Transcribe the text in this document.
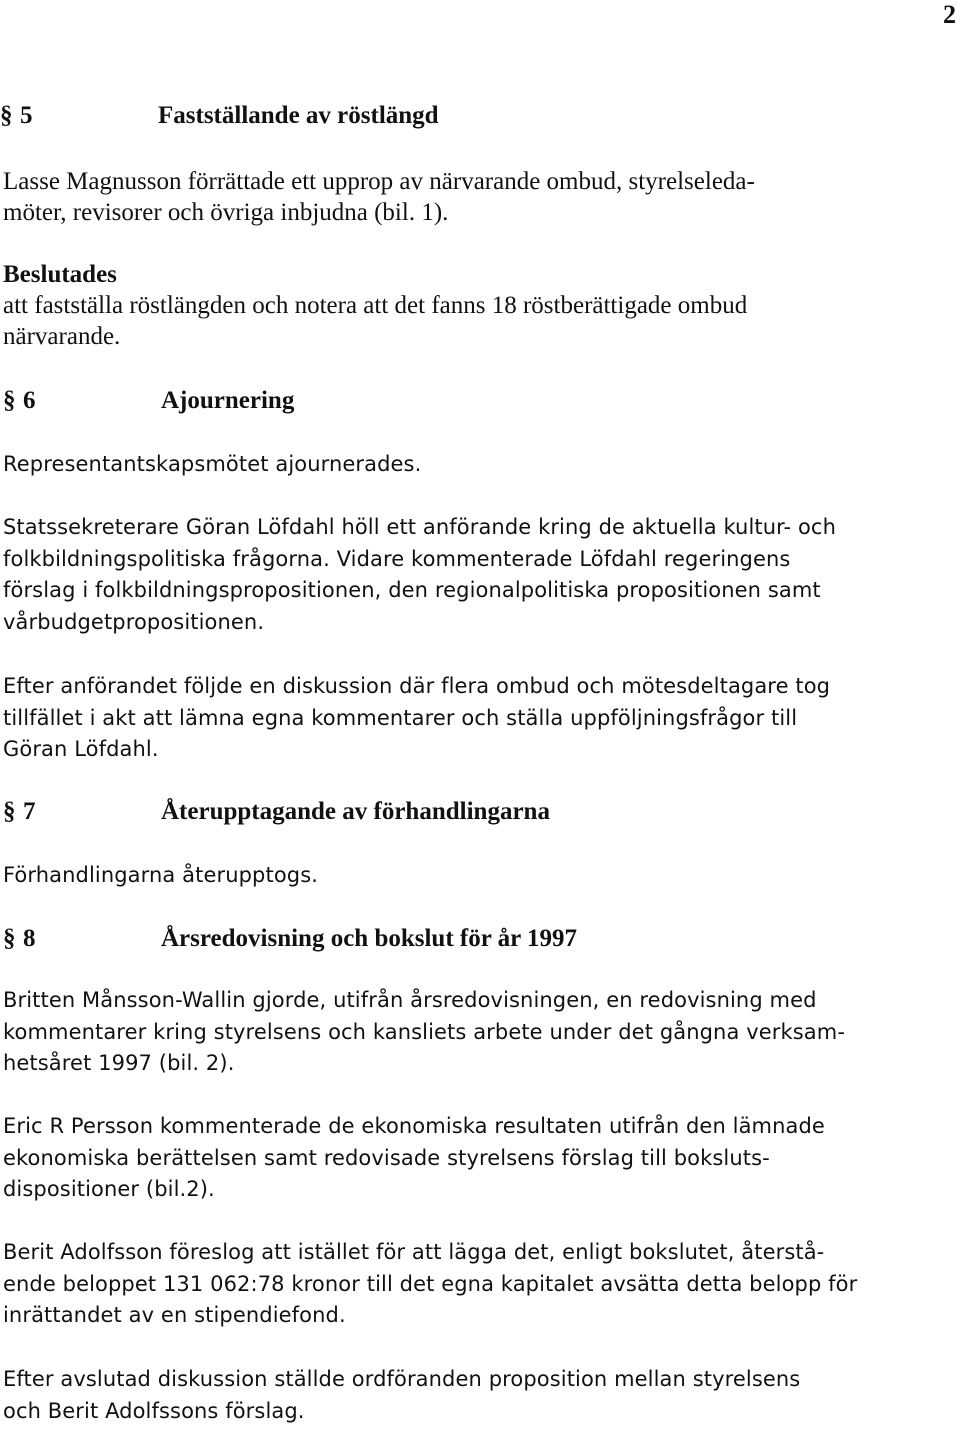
2
§ 5	Fastställande av röstlängd
Lasse Magnusson förrättade ett upprop av närvarande ombud, styrelseleda-
möter, revisorer och övriga inbjudna (bil. 1).
Beslutades
att fastställa röstlängden och notera att det fanns 18 röstberättigade ombud
närvarande.
§ 6	Ajournering
Representantskapsmötet ajournerades.
Statssekreterare Göran Löfdahl höll ett anförande kring de aktuella kultur- och
folkbildningspolitiska frågorna. Vidare kommenterade Löfdahl regeringens
förslag i folkbildningspropositionen, den regionalpolitiska propositionen samt
vårbudgetpropositionen.
Efter anförandet följde en diskussion där flera ombud och mötesdeltagare tog
tillfället i akt att lämna egna kommentarer och ställa uppföljningsfrågor till
Göran Löfdahl.
§ 7	Återupptagande av förhandlingarna
Förhandlingarna återupptogs.
§ 8	Årsredovisning och bokslut för år 1997
Britten Månsson-Wallin gjorde, utifrån årsredovisningen, en redovisning med
kommentarer kring styrelsens och kansliets arbete under det gångna verksam-
hetsåret 1997 (bil. 2).
Eric R Persson kommenterade de ekonomiska resultaten utifrån den lämnade
ekonomiska berättelsen samt redovisade styrelsens förslag till boksluts-
dispositioner (bil.2).
Berit Adolfsson föreslog att istället för att lägga det, enligt bokslutet, återstå-
ende beloppet 131 062:78 kronor till det egna kapitalet avsätta detta belopp för
inrättandet av en stipendiefond.
Efter avslutad diskussion ställde ordföranden proposition mellan styrelsens
och Berit Adolfssons förslag.
